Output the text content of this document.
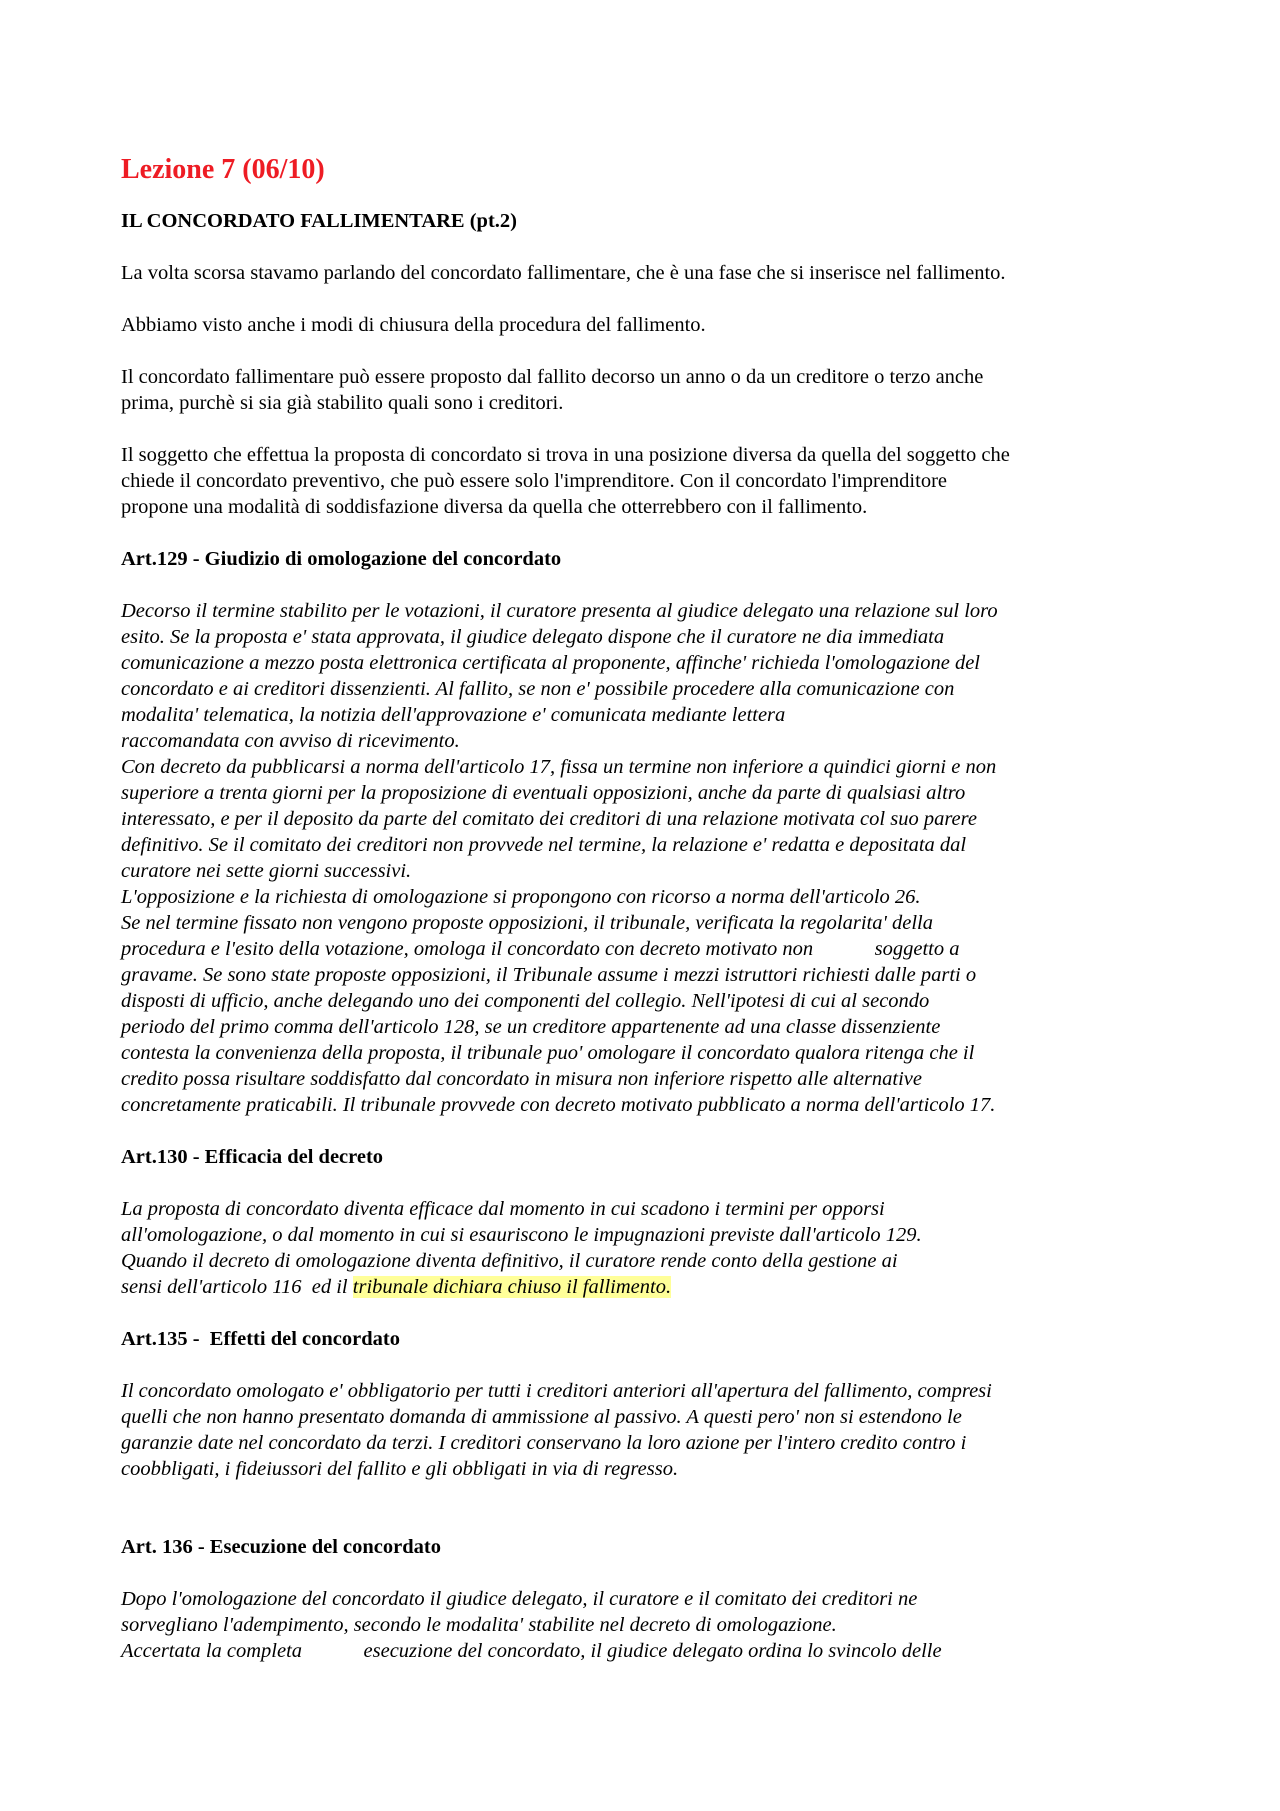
Lezione 7 (06/10)
IL CONCORDATO FALLIMENTARE (pt.2)

La volta scorsa stavamo parlando del concordato fallimentare, che è una fase che si inserisce nel fallimento.

Abbiamo visto anche i modi di chiusura della procedura del fallimento.

Il concordato fallimentare può essere proposto dal fallito decorso un anno o da un creditore o terzo anche
prima, purchè si sia già stabilito quali sono i creditori.

Il soggetto che effettua la proposta di concordato si trova in una posizione diversa da quella del soggetto che
chiede il concordato preventivo, che può essere solo l'imprenditore. Con il concordato l'imprenditore
propone una modalità di soddisfazione diversa da quella che otterrebbero con il fallimento.

Art.129 - Giudizio di omologazione del concordato
Decorso il termine stabilito per le votazioni, il curatore presenta al giudice delegato una relazione sul loro
esito. Se la proposta e' stata approvata, il giudice delegato dispone che il curatore ne dia immediata
comunicazione a mezzo posta elettronica certificata al proponente, affinche' richieda l'omologazione del
concordato e ai creditori dissenzienti. Al fallito, se non e' possibile procedere alla comunicazione con
modalita' telematica, la notizia dell'approvazione e' comunicata mediante lettera
raccomandata con avviso di ricevimento.
Con decreto da pubblicarsi a norma dell'articolo 17, fissa un termine non inferiore a quindici giorni e non
superiore a trenta giorni per la proposizione di eventuali opposizioni, anche da parte di qualsiasi altro
interessato, e per il deposito da parte del comitato dei creditori di una relazione motivata col suo parere
definitivo. Se il comitato dei creditori non provvede nel termine, la relazione e' redatta e depositata dal
curatore nei sette giorni successivi.
L'opposizione e la richiesta di omologazione si propongono con ricorso a norma dell'articolo 26.
Se nel termine fissato non vengono proposte opposizioni, il tribunale, verificata la regolarita' della
procedura e l'esito della votazione, omologa il concordato con decreto motivato non            soggetto a
gravame. Se sono state proposte opposizioni, il Tribunale assume i mezzi istruttori richiesti dalle parti o
disposti di ufficio, anche delegando uno dei componenti del collegio. Nell'ipotesi di cui al secondo
periodo del primo comma dell'articolo 128, se un creditore appartenente ad una classe dissenziente
contesta la convenienza della proposta, il tribunale puo' omologare il concordato qualora ritenga che il
credito possa risultare soddisfatto dal concordato in misura non inferiore rispetto alle alternative
concretamente praticabili. Il tribunale provvede con decreto motivato pubblicato a norma dell'articolo 17.
Art.130 - Efficacia del decreto
La proposta di concordato diventa efficace dal momento in cui scadono i termini per opporsi
all'omologazione, o dal momento in cui si esauriscono le impugnazioni previste dall'articolo 129.
Quando il decreto di omologazione diventa definitivo, il curatore rende conto della gestione ai
sensi dell'articolo 116  ed il tribunale dichiara chiuso il fallimento.
Art.135 -  Effetti del concordato
Il concordato omologato e' obbligatorio per tutti i creditori anteriori all'apertura del fallimento, compresi
quelli che non hanno presentato domanda di ammissione al passivo. A questi pero' non si estendono le
garanzie date nel concordato da terzi. I creditori conservano la loro azione per l'intero credito contro i
coobbligati, i fideiussori del fallito e gli obbligati in via di regresso.
Art. 136 - Esecuzione del concordato
Dopo l'omologazione del concordato il giudice delegato, il curatore e il comitato dei creditori ne
sorvegliano l'adempimento, secondo le modalita' stabilite nel decreto di omologazione.
Accertata la completa            esecuzione del concordato, il giudice delegato ordina lo svincolo delle
